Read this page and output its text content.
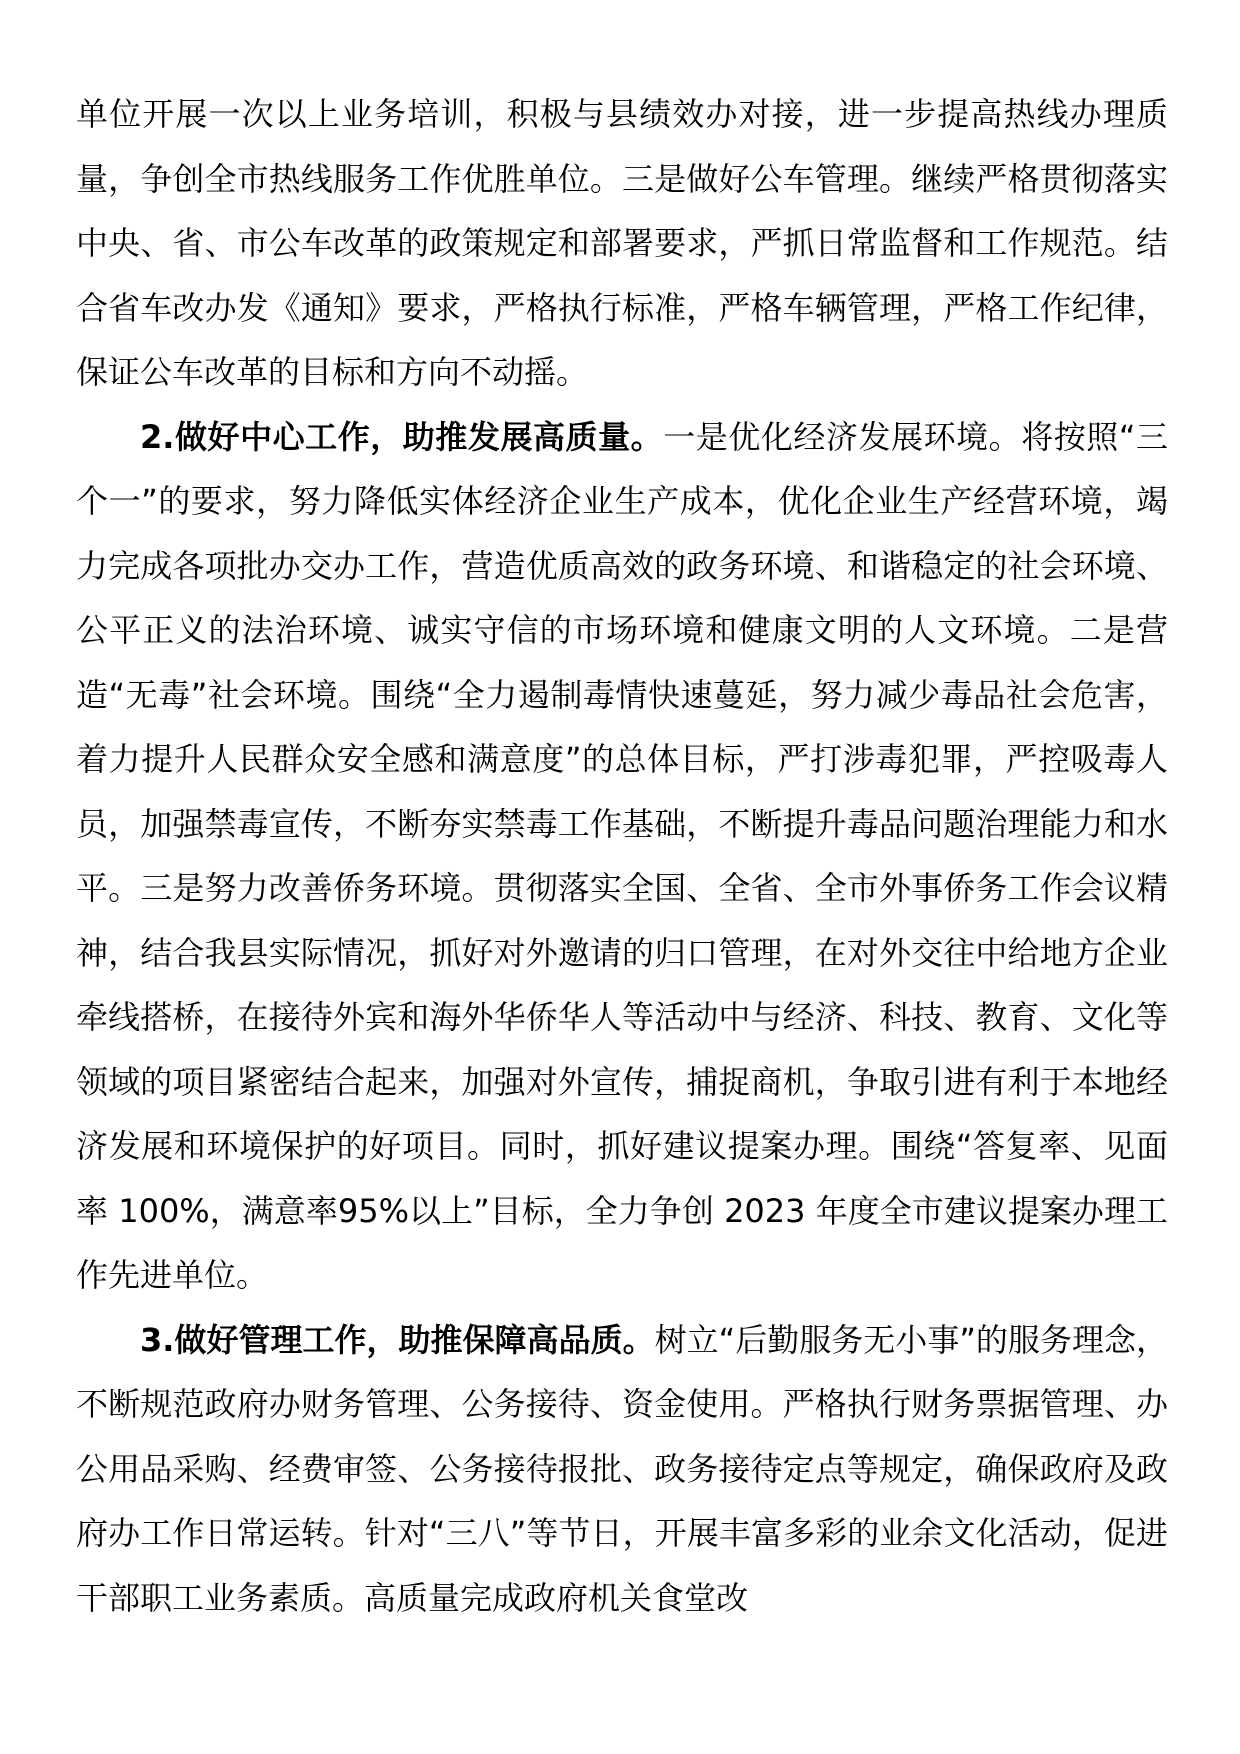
单位开展一次以上业务培训，积极与县绩效办对接，进一步提高热线办理质量，争创全市热线服务工作优胜单位。三是做好公车管理。继续严格贯彻落实中央、省、市公车改革的政策规定和部署要求，严抓日常监督和工作规范。结合省车改办发《通知》要求，严格执行标准，严格车辆管理，严格工作纪律，保证公车改革的目标和方向不动摇。

2.做好中心工作，助推发展高质量。一是优化经济发展环境。将按照“三个一”的要求，努力降低实体经济企业生产成本，优化企业生产经营环境，竭力完成各项批办交办工作，营造优质高效的政务环境、和谐稳定的社会环境、公平正义的法治环境、诚实守信的市场环境和健康文明的人文环境。二是营造“无毒”社会环境。围绕“全力遏制毒情快速蔓延，努力减少毒品社会危害，着力提升人民群众安全感和满意度”的总体目标，严打涉毒犯罪，严控吸毒人员，加强禁毒宣传，不断夯实禁毒工作基础，不断提升毒品问题治理能力和水平。三是努力改善侨务环境。贯彻落实全国、全省、全市外事侨务工作会议精神，结合我县实际情况，抓好对外邀请的归口管理，在对外交往中给地方企业牵线搭桥，在接待外宾和海外华侨华人等活动中与经济、科技、教育、文化等领域的项目紧密结合起来，加强对外宣传，捕捉商机，争取引进有利于本地经济发展和环境保护的好项目。同时，抓好建议提案办理。围绕“答复率、见面率 100%，满意率95%以上”目标，全力争创 2023 年度全市建议提案办理工作先进单位。

3.做好管理工作，助推保障高品质。树立“后勤服务无小事”的服务理念，不断规范政府办财务管理、公务接待、资金使用。严格执行财务票据管理、办公用品采购、经费审签、公务接待报批、政务接待定点等规定，确保政府及政府办工作日常运转。针对“三八”等节日，开展丰富多彩的业余文化活动，促进干部职工业务素质。高质量完成政府机关食堂改
